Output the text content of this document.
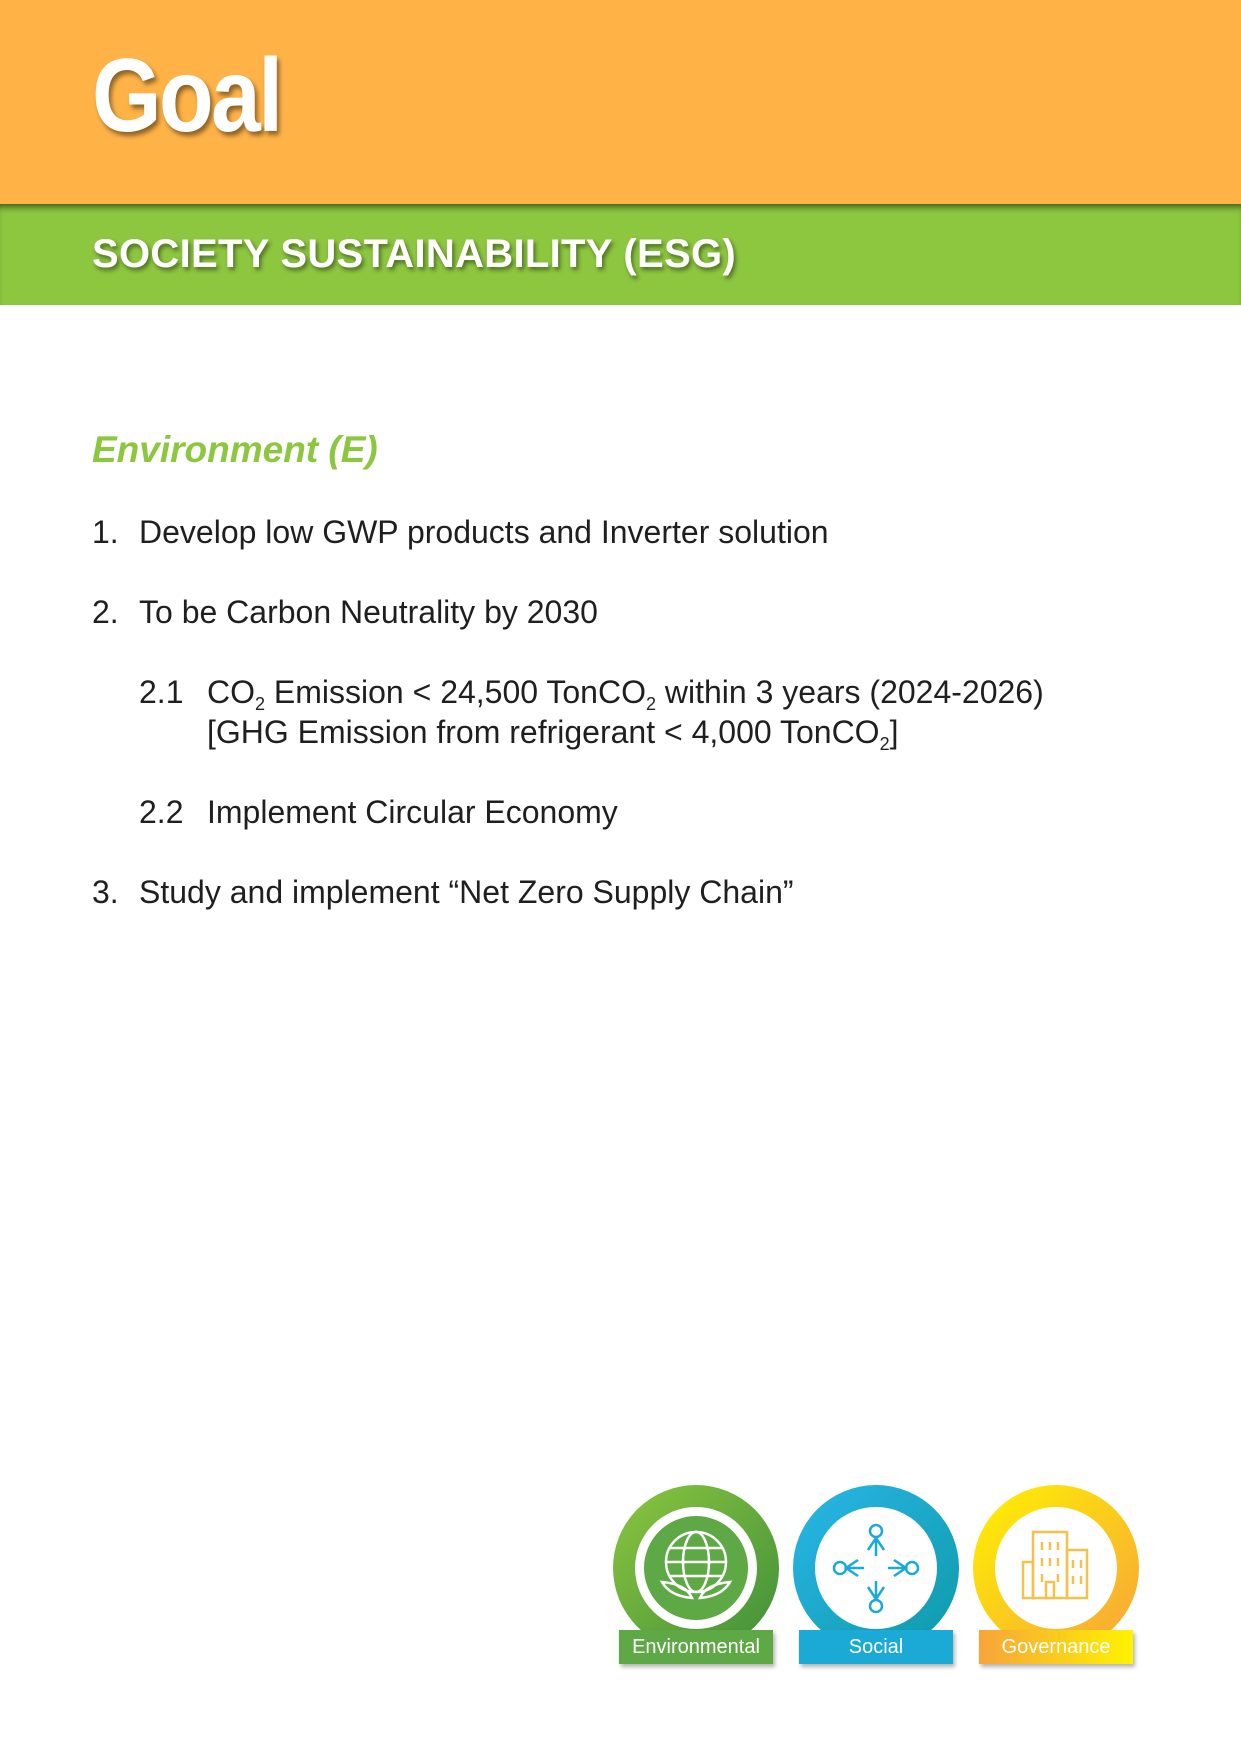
Goal
SOCIETY SUSTAINABILITY (ESG)
Environment (E)
1. Develop low GWP products and Inverter solution
2. To be Carbon Neutrality by 2030
2.1 $CO_2$ Emission < 24,500 TonCO$_2$ within 3 years (2024-2026)
[GHG Emission from refrigerant < 4,000 TonCO$_2$]
2.2 Implement Circular Economy
3. Study and implement “Net Zero Supply Chain”
Environmental	Social	Governance
